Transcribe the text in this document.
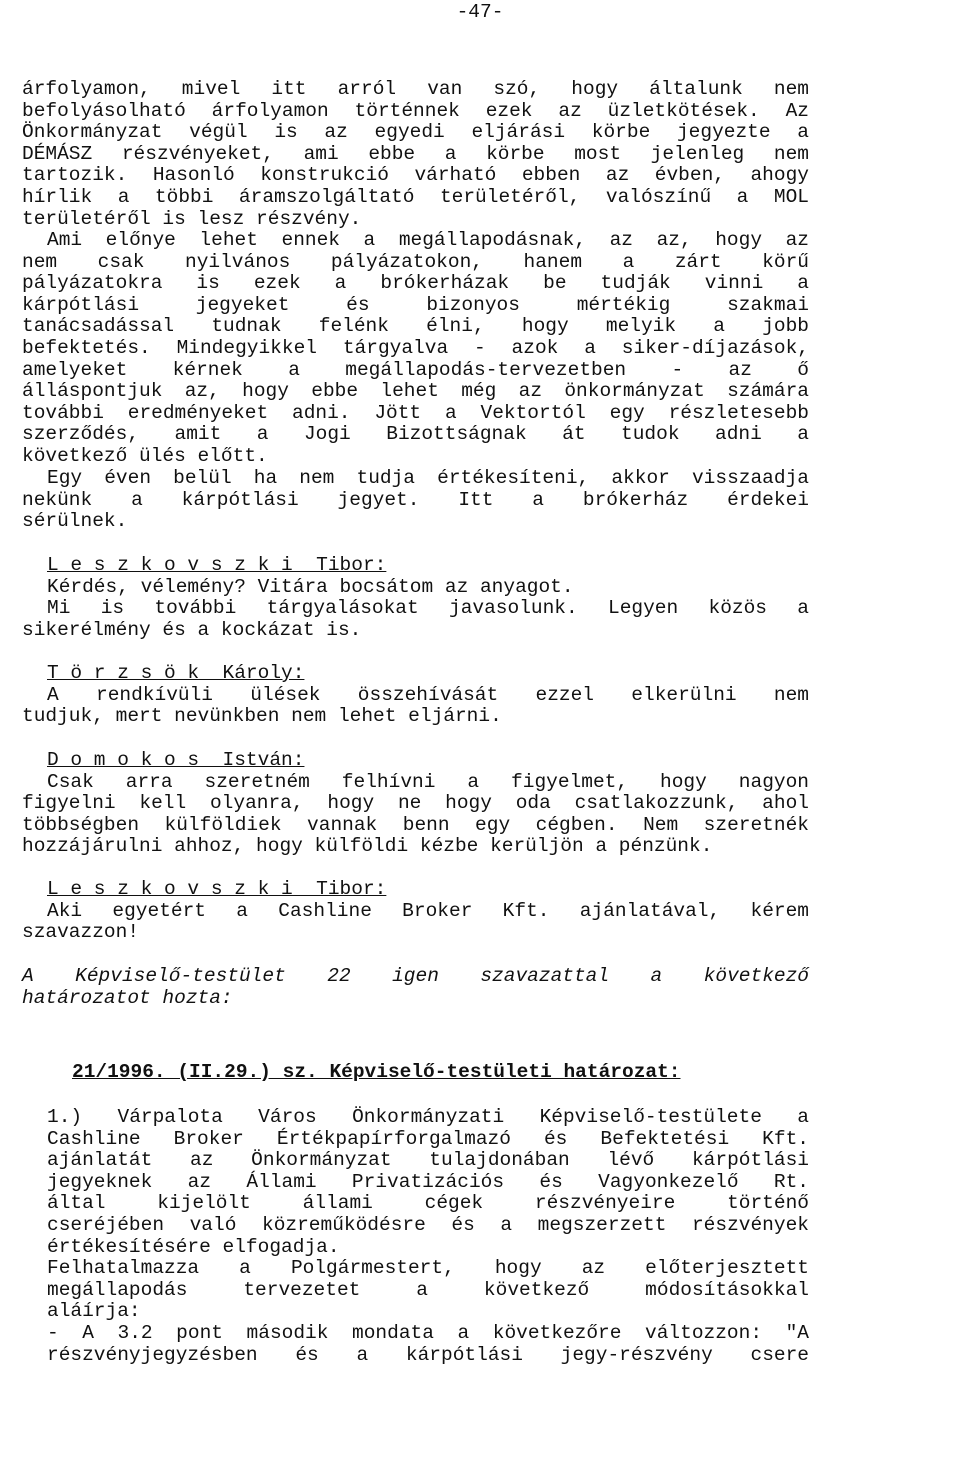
-47-
árfolyamon, mivel itt arról van szó, hogy általunk nem
befolyásolható árfolyamon történnek ezek az üzletkötések. Az
Önkormányzat végül is az egyedi eljárási körbe jegyezte a
DÉMÁSZ részvényeket, ami ebbe a körbe most jelenleg nem
tartozik. Hasonló konstrukció várható ebben az évben, ahogy
hírlik a többi áramszolgáltató területéről, valószínű a MOL
területéről is lesz részvény.
Ami előnye lehet ennek a megállapodásnak, az az, hogy az
nem csak nyilvános pályázatokon, hanem a zárt körű
pályázatokra is ezek a brókerházak be tudják vinni a
kárpótlási jegyeket és bizonyos mértékig szakmai
tanácsadással tudnak felénk élni, hogy melyik a jobb
befektetés. Mindegyikkel tárgyalva - azok a siker-díjazások,
amelyeket kérnek a megállapodás-tervezetben - az ő
álláspontjuk az, hogy ebbe lehet még az önkormányzat számára
további eredményeket adni. Jött a Vektortól egy részletesebb
szerződés, amit a Jogi Bizottságnak át tudok adni a
következő ülés előtt.
Egy éven belül ha nem tudja értékesíteni, akkor visszaadja
nekünk a kárpótlási jegyet. Itt a brókerház érdekei
sérülnek.
L e s z k o v s z k i  Tibor:
Kérdés, vélemény? Vitára bocsátom az anyagot.
Mi is további tárgyalásokat javasolunk. Legyen közös a
sikerélmény és a kockázat is.
T ö r z s ö k  Károly:
A rendkívüli ülések összehívását ezzel elkerülni nem
tudjuk, mert nevünkben nem lehet eljárni.
D o m o k o s  István:
Csak arra szeretném felhívni a figyelmet, hogy nagyon
figyelni kell olyanra, hogy ne hogy oda csatlakozzunk, ahol
többségben külföldiek vannak benn egy cégben. Nem szeretnék
hozzájárulni ahhoz, hogy külföldi kézbe kerüljön a pénzünk.
L e s z k o v s z k i  Tibor:
Aki egyetért a Cashline Broker Kft. ajánlatával, kérem
szavazzon!
A Képviselő-testület 22 igen szavazattal a következő
határozatot hozta:
21/1996. (II.29.) sz. Képviselő-testületi határozat:
1.) Várpalota Város Önkormányzati Képviselő-testülete a
Cashline Broker Értékpapírforgalmazó és Befektetési Kft.
ajánlatát az Önkormányzat tulajdonában lévő kárpótlási
jegyeknek az Állami Privatizációs és Vagyonkezelő Rt.
által kijelölt állami cégek részvényeire történő
cseréjében való közreműködésre és a megszerzett részvények
értékesítésére elfogadja.
Felhatalmazza a Polgármestert, hogy az előterjesztett
megállapodás tervezetet a következő módosításokkal
aláírja:
- A 3.2 pont második mondata a következőre változzon: "A
részvényjegyzésben és a kárpótlási jegy-részvény csere
